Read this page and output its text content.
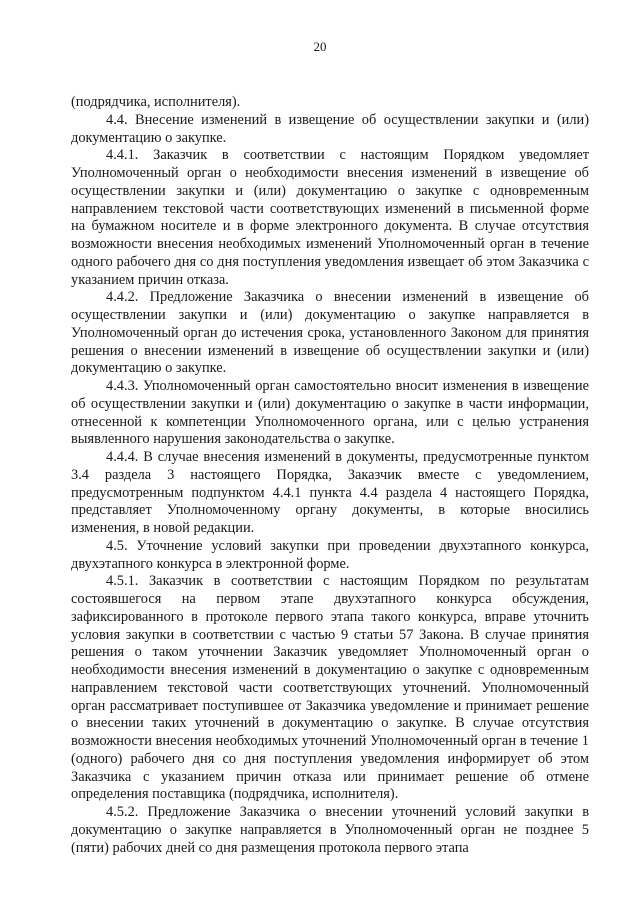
20

(подрядчика, исполнителя).

4.4. Внесение изменений в извещение об осуществлении закупки и (или) документацию о закупке.

4.4.1. Заказчик в соответствии с настоящим Порядком уведомляет Уполномоченный орган о необходимости внесения изменений в извещение об осуществлении закупки и (или) документацию о закупке с одновременным направлением текстовой части соответствующих изменений в письменной форме на бумажном носителе и в форме электронного документа. В случае отсутствия возможности внесения необходимых изменений Уполномоченный орган в течение одного рабочего дня со дня поступления уведомления извещает об этом Заказчика с указанием причин отказа.

4.4.2. Предложение Заказчика о внесении изменений в извещение об осуществлении закупки и (или) документацию о закупке направляется в Уполномоченный орган до истечения срока, установленного Законом для принятия решения о внесении изменений в извещение об осуществлении закупки и (или) документацию о закупке.

4.4.3. Уполномоченный орган самостоятельно вносит изменения в извещение об осуществлении закупки и (или) документацию о закупке в части информации, отнесенной к компетенции Уполномоченного органа, или с целью устранения выявленного нарушения законодательства о закупке.

4.4.4. В случае внесения изменений в документы, предусмотренные пунктом 3.4 раздела 3 настоящего Порядка, Заказчик вместе с уведомлением, предусмотренным подпунктом 4.4.1 пункта 4.4 раздела 4 настоящего Порядка, представляет Уполномоченному органу документы, в которые вносились изменения, в новой редакции.

4.5. Уточнение условий закупки при проведении двухэтапного конкурса, двухэтапного конкурса в электронной форме.

4.5.1. Заказчик в соответствии с настоящим Порядком по результатам состоявшегося на первом этапе двухэтапного конкурса обсуждения, зафиксированного в протоколе первого этапа такого конкурса, вправе уточнить условия закупки в соответствии с частью 9 статьи 57 Закона. В случае принятия решения о таком уточнении Заказчик уведомляет Уполномоченный орган о необходимости внесения изменений в документацию о закупке с одновременным направлением текстовой части соответствующих уточнений. Уполномоченный орган рассматривает поступившее от Заказчика уведомление и принимает решение о внесении таких уточнений в документацию о закупке. В случае отсутствия возможности внесения необходимых уточнений Уполномоченный орган в течение 1 (одного) рабочего дня со дня поступления уведомления информирует об этом Заказчика с указанием причин отказа или принимает решение об отмене определения поставщика (подрядчика, исполнителя).

4.5.2. Предложение Заказчика о внесении уточнений условий закупки в документацию о закупке направляется в Уполномоченный орган не позднее 5 (пяти) рабочих дней со дня размещения протокола первого этапа
